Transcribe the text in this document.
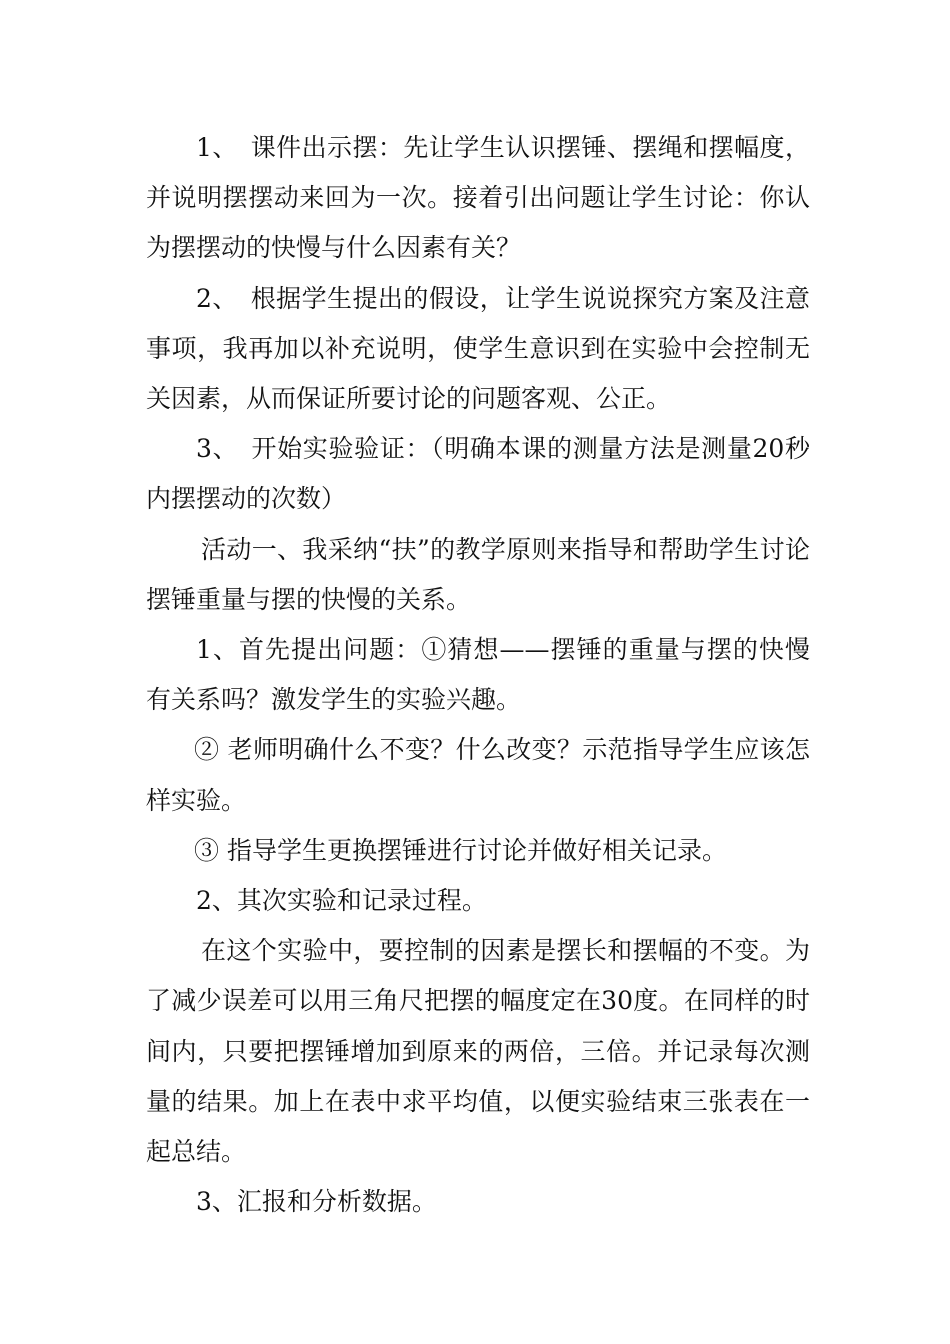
1、　课件出示摆：先让学生认识摆锤、摆绳和摆幅度，并说明摆摆动来回为一次。接着引出问题让学生讨论：你认为摆摆动的快慢与什么因素有关？

2、　根据学生提出的假设，让学生说说探究方案及注意事项，我再加以补充说明，使学生意识到在实验中会控制无关因素，从而保证所要讨论的问题客观、公正。

3、　开始实验验证：（明确本课的测量方法是测量20秒内摆摆动的次数）

活动一、我采纳“扶”的教学原则来指导和帮助学生讨论摆锤重量与摆的快慢的关系。

1、首先提出问题：①猜想——摆锤的重量与摆的快慢有关系吗？激发学生的实验兴趣。

② 老师明确什么不变？什么改变？示范指导学生应该怎样实验。

③ 指导学生更换摆锤进行讨论并做好相关记录。

2、其次实验和记录过程。

在这个实验中，要控制的因素是摆长和摆幅的不变。为了减少误差可以用三角尺把摆的幅度定在30度。在同样的时间内，只要把摆锤增加到原来的两倍，三倍。并记录每次测量的结果。加上在表中求平均值，以便实验结束三张表在一起总结。

3、汇报和分析数据。
